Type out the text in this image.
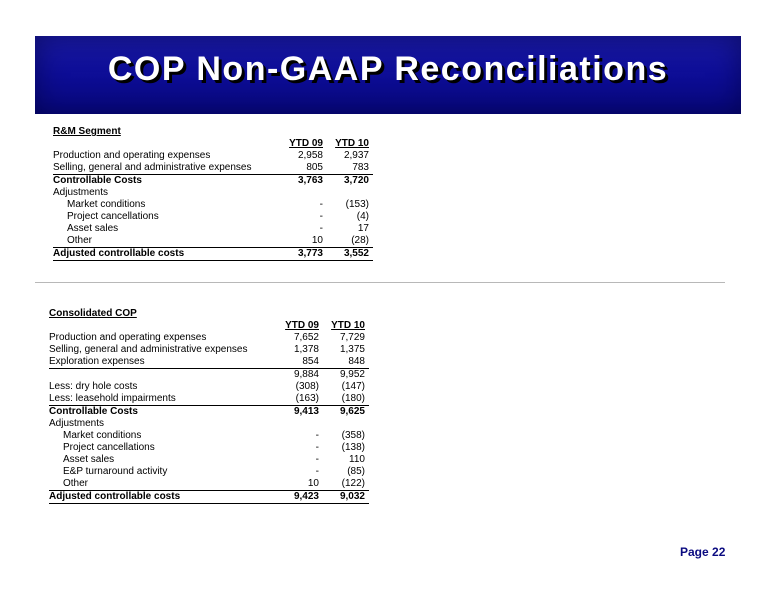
COP Non-GAAP Reconciliations
R&M Segment		
	YTD 09	YTD 10
Production and operating expenses	2,958	2,937
Selling, general and administrative expenses	805	783
Controllable Costs	3,763	3,720
Adjustments		
Market conditions	-	(153)
Project cancellations	-	(4)
Asset sales	-	17
Other	10	(28)
Adjusted controllable costs	3,773	3,552
Consolidated COP		
	YTD 09	YTD 10
Production and operating expenses	7,652	7,729
Selling, general and administrative expenses	1,378	1,375
Exploration expenses	854	848
	9,884	9,952
Less: dry hole costs	(308)	(147)
Less: leasehold impairments	(163)	(180)
Controllable Costs	9,413	9,625
Adjustments		
Market conditions	-	(358)
Project cancellations	-	(138)
Asset sales	-	110
E&P turnaround activity	-	(85)
Other	10	(122)
Adjusted controllable costs	9,423	9,032
Page 22
